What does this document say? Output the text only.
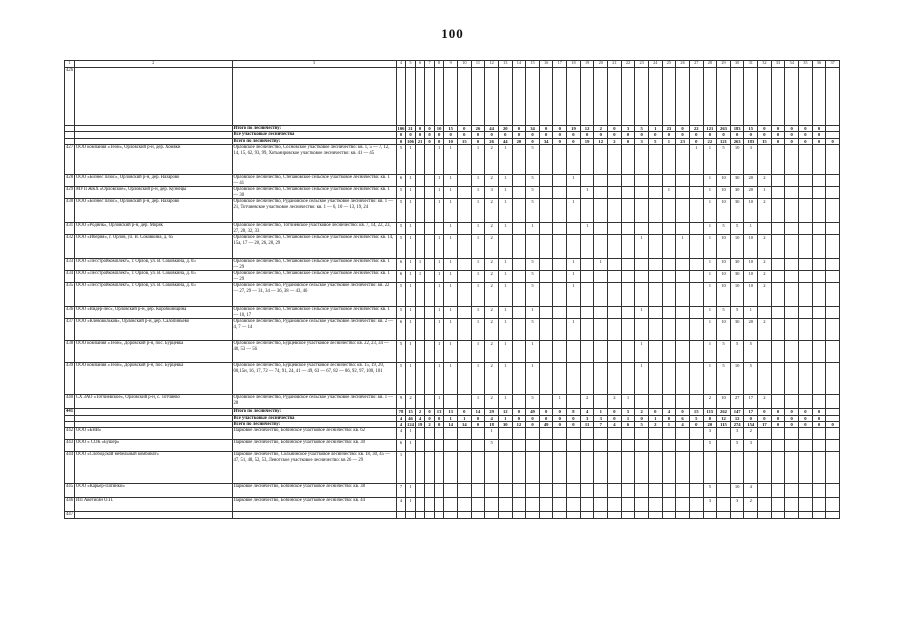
100
1	2	3	4	5	6	7	8	9	10	11	12	13	14	15	16	17	18	19	20	21	22	23	24	25	26	27	28	29	30	31	32	33	34	35	36	37
426																																				
		Итого по лесничеству:	106	21	0	0	10	15	0	26	44	20	0	34	0	0	19	12	2	0	3	5	1	23	0	22	121	263	183	15	0	0	0	0	0	
		Все участковые лесничества	0	0	0	0	0	0	0	0	0	0	0	0	0	0	0	0	0	0	0	0	0	0	0	0	0	0	0	0	0	0	0	0	0	
		Всего по лесничеству:	0	106	21	0	0	10	15	0	26	44	20	0	34	0	0	19	12	2	0	3	5	1	23	0	22	121	263	183	15	0	0	0	0	0
427	ООО компания «Теон», Орловский р-н, дер. Хомяки	Орловское лесничество, Сосновское участковое лесничество: кв. 1, 5 — 7, 12, 14, 15, 62, 93, 99, Хотьмировское участковое лесничество: кв. 41 — 45	5	1			1	1		1	2	1		5												1	1	5	10	3						
428	ООО «Бизнес плюс», Орловский р-н, дер. Назарово	Орловское лесничество, Степановское сельское участковое лесничество: кв. 1 — 41	6	1			1	1		1	2	1		5			1										1	10	30	20	2					
429	МУП ЖКХ «Орловское», Орловский р-н, дер. Кузнецы	Орловское лесничество, Степановское сельское участковое лесничество: кв. 1 — 30	5	1			1	1		1	3	1		5				1						1			1	10	30	20	1					
430	ООО «Бизнес плюс», Орловский р-н, дер. Назарово	Орловское лесничество, Рудановское сельское участковое лесничество: кв. 1 — 21, Тотчиевское участковое лесничество: кв. 1 — 6, 10 — 13, 19, 24	5	1			1	1		1	2	1		5			1										1	10	30	10	2					
431	ООО «Родник», Орловский р-н, дер. Моряк	Орловское лесничество, Тотчиевское участковое лесничество: кв. 7, 14, 22, 23, 27, 28, 32, 33	5	1				1		1	2	1		1				1									1	5	5	1						
432	ООО «Иберия», г. Орлов, ул. В. Соковкина, д. 65	Орловское лесничество, Степановское сельское участковое лесничество: кв. 14, 15а, 17 — 20, 26, 28, 29	5	1			1	1		1	2											1			1		1	10	10	10	2					
433	ООО «Лесстройкомплект», г. Орлов, ул. В. Соковкина, д. 65	Орловское лесничество, Степановское сельское участковое лесничество: кв. 1 — 29	6	1	1		1	1		1	2	1		5			1		1								1	10	30	10	2					
434	ООО «Лесстройкомплект», г. Орлов, ул. В. Соковкина, д. 65	Орловское лесничество, Степановское сельское участковое лесничество: кв. 1 — 29	6	1	1		1	1		1	2	1		5			1										1	10	30	10	2					
435	ООО «Лесстройкомплект», г. Орлов, ул. В. Соковкина, д. 65	Орловское лесничество, Рудановское сельское участковое лесничество: кв. 22 — 27, 29 — 31, 34 — 36, 38 — 43, 46	5	1			1	1		1	2	1		5			1										1	10	10	10	2					
436	ООО «Видер-лес», Орловский р-н, дер. Коробкинщина	Орловское лесничество, Степановское сельское участковое лесничество: кв. 1 — 10, 17	5	1			1	1		1	2	1		1								1					1	5	5	1						
437	ООО «Клевовольков», Орловский р-н, дер. Салопиньево	Орловское лесничество, Рудановское сельское участковое лесничество: кв. 2 — 4, 7 — 14	6	1			1	1		1	2	1		5			1										1	10	30	20	2					
438	ООО компания «Теон», Доровской р-н, пос. Бурцевка	Орловское лесничество, Бурцевское участковое лесничество: кв. 22, 23, 34 — 40, 53 — 56	5	1			1	1		1	2	1		1								1					1	5	5	5						
439	ООО компания «Теон», Доровской р-н, пос. Бурцевка	Орловское лесничество, Бурцевское участковое лесничество: кв. 15, 19, 20, 00,15н, 16, 17, 72 — 74, 91, 24, 41 — 49, 63 — 67, 82 — 86, 92, 97, 100, 101	5	1			1	1		1	2	1		1								1					1	5	10	5						
440	СХ ЗАО «Тотчиевское», Орловский р-н, с. Тотчиево	Орловское лесничество, Рудановское сельское участковое лесничество: кв. 1 — 28	9	2			1			1	2	1		5		1		2		2	1						2	10	27	17	2					
441		Итого по лесничеству:	78	15	2	0	13	13	0	14	29	12	0	49	0	0	8	4	1	0	5	2	0	4	0	15	115	262	147	17	0	0	0	0	0	
		Все участковые лесничества	4	46	4	0	0	1	1	0	4	1	0	0	0	0	0	3	3	0	1	0	1	0	6	5	0	12	12	0	0	0	0	0	0	
		Всего по лесничеству:	4	124	19	2	0	14	14	0	18	30	12	0	49	0	0	11	7	4	6	5	2	1	4	0	20	115	274	154	17	0	0	0	0	0
442	ООО «БНВ»	Парковое лесничество, Бобинское участковое лесничество: кв. 62	4	1							1																3		3	2						
443	ООО « СОК «Бушер»	Парковое лесничество, Бобинское участковое лесничество: кв. 30	6	1							5																5		5	3						
444	ООО «Слободской мебельный комбинат»	Парковое лесничество, Сольнинское участковое лесничество: кв. 18, 30, 45 — 47, 51, 48, 52, 53, Ленотское участковое лесничество: кв 26 — 29	1																																	
445	ООО «Карьер-Патинки»	Парковое лесничество, Бобинское участковое лесничество: кв. 38	7	1																							5		10	4						
446	ИП Аветисян О.П.	Парковое лесничество, Бобинское участковое лесничество: кв. 44	4	1																							3		3	2						
447																																				
